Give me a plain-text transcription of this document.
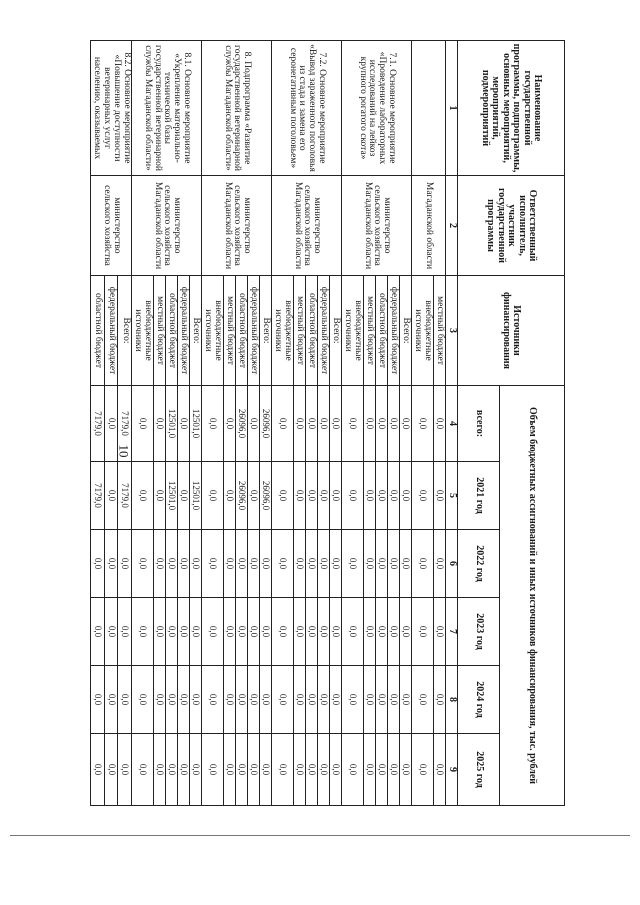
10
Наименование государственной программы, подпрограммы, основных мероприятий, мероприятий, подмероприятий	Ответственный исполнитель, участник государственной программы	Источники финансирования	Объем бюджетных ассигнований и иных источников финансирования, тыс. рублей					
			всего:	2021 год	2022 год	2023 год	2024 год	2025 год
1	2	3	4	5	6	7	8	9
	Магаданской области	местный бюджет	0,0	0,0	0,0	0,0	0,0	0,0
		внебюджетные источники	0,0	0,0	0,0	0,0	0,0	0,0
7.1. Основное мероприятие «Проведение лабораторных исследований на лейкоз крупного рогатого скота»	министерство сельского хозяйства Магаданской области	Всего:	0,0	0,0	0,0	0,0	0,0	0,0
		федеральный бюджет	0,0	0,0	0,0	0,0	0,0	0,0
		областной бюджет	0,0	0,0	0,0	0,0	0,0	0,0
		местный бюджет	0,0	0,0	0,0	0,0	0,0	0,0
		внебюджетные источники	0,0	0,0	0,0	0,0	0,0	0,0
7.2. Основное мероприятие «Вывод зараженного поголовья из стада и замена его серонегативным поголовьем»	министерство сельского хозяйства Магаданской области	Всего:	0,0	0,0	0,0	0,0	0,0	0,0
		федеральный бюджет	0,0	0,0	0,0	0,0	0,0	0,0
		областной бюджет	0,0	0,0	0,0	0,0	0,0	0,0
		местный бюджет	0,0	0,0	0,0	0,0	0,0	0,0
		внебюджетные источники	0,0	0,0	0,0	0,0	0,0	0,0
8. Подпрограмма «Развитие государственной ветеринарной службы Магаданской области»	министерство сельского хозяйства Магаданской области	Всего:	26096,0	26096,0	0,0	0,0	0,0	0,0
		федеральный бюджет	0,0	0,0	0,0	0,0	0,0	0,0
		областной бюджет	26096,0	26096,0	0,0	0,0	0,0	0,0
		местный бюджет	0,0	0,0	0,0	0,0	0,0	0,0
		внебюджетные источники	0,0	0,0	0,0	0,0	0,0	0,0
8.1. Основное мероприятие «Укрепление материально-технической базы государственной ветеринарной службы Магаданской области»	министерство сельского хозяйства Магаданской области	Всего:	12501,0	12501,0	0,0	0,0	0,0	0,0
		федеральный бюджет	0,0	0,0	0,0	0,0	0,0	0,0
		областной бюджет	12501,0	12501,0	0,0	0,0	0,0	0,0
		местный бюджет	0,0	0,0	0,0	0,0	0,0	0,0
		внебюджетные источники	0,0	0,0	0,0	0,0	0,0	0,0
8.2. Основное мероприятие «Повышение доступности ветеринарных услуг населению, оказываемых	министерство сельского хозяйства	Всего:	7179,0	7179,0	0,0	0,0	0,0	0,0
		федеральный бюджет	0,0	0,0	0,0	0,0	0,0	0,0
		областной бюджет	7179,0	7179,0	0,0	0,0	0,0	0,0
